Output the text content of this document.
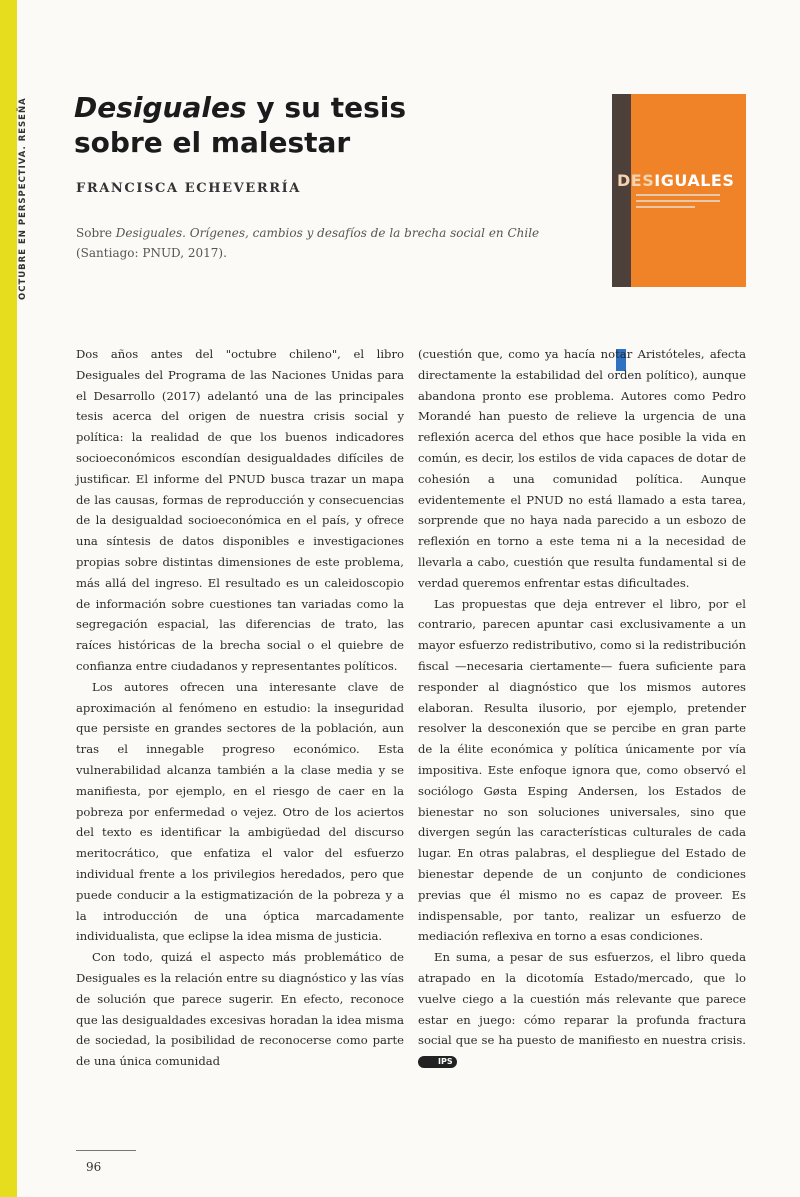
OCTUBRE EN PERSPECTIVA. RESEÑA Desiguales y su tesis sobre el malestar
FRANCISCA ECHEVERRÍA
Sobre Desiguales. Orígenes, cambios y desafíos de la brecha social en Chile (Santiago: PNUD, 2017).
DESIGUALES

Dos años antes del "octubre chileno", el libro Desiguales del Programa de las Naciones Unidas para el Desarrollo (2017) adelantó una de las principales tesis acerca del origen de nuestra crisis social y política: la realidad de que los buenos indicadores socioeconómicos escondían desigualdades difíciles de justificar. El informe del PNUD busca trazar un mapa de las causas, formas de reproducción y consecuencias de la desigualdad socioeconómica en el país, y ofrece una síntesis de datos disponibles e investigaciones propias sobre distintas dimensiones de este problema, más allá del ingreso. El resultado es un caleidoscopio de información sobre cuestiones tan variadas como la segregación espacial, las diferencias de trato, las raíces históricas de la brecha social o el quiebre de confianza entre ciudadanos y representantes políticos.

Los autores ofrecen una interesante clave de aproximación al fenómeno en estudio: la inseguridad que persiste en grandes sectores de la población, aun tras el innegable progreso económico. Esta vulnerabilidad alcanza también a la clase media y se manifiesta, por ejemplo, en el riesgo de caer en la pobreza por enfermedad o vejez. Otro de los aciertos del texto es identificar la ambigüedad del discurso meritocrático, que enfatiza el valor del esfuerzo individual frente a los privilegios heredados, pero que puede conducir a la estigmatización de la pobreza y a la introducción de una óptica marcadamente individualista, que eclipse la idea misma de justicia.

Con todo, quizá el aspecto más problemático de Desiguales es la relación entre su diagnóstico y las vías de solución que parece sugerir. En efecto, reconoce que las desigualdades excesivas horadan la idea misma de sociedad, la posibilidad de reconocerse como parte de una única comunidad

(cuestión que, como ya hacía notar Aristóteles, afecta directamente la estabilidad del orden político), aunque abandona pronto ese problema. Autores como Pedro Morandé han puesto de relieve la urgencia de una reflexión acerca del ethos que hace posible la vida en común, es decir, los estilos de vida capaces de dotar de cohesión a una comunidad política. Aunque evidentemente el PNUD no está llamado a esta tarea, sorprende que no haya nada parecido a un esbozo de reflexión en torno a este tema ni a la necesidad de llevarla a cabo, cuestión que resulta fundamental si de verdad queremos enfrentar estas dificultades.

Las propuestas que deja entrever el libro, por el contrario, parecen apuntar casi exclusivamente a un mayor esfuerzo redistributivo, como si la redistribución fiscal —necesaria ciertamente— fuera suficiente para responder al diagnóstico que los mismos autores elaboran. Resulta ilusorio, por ejemplo, pretender resolver la desconexión que se percibe en gran parte de la élite económica y política únicamente por vía impositiva. Este enfoque ignora que, como observó el sociólogo Gøsta Esping Andersen, los Estados de bienestar no son soluciones universales, sino que divergen según las características culturales de cada lugar. En otras palabras, el despliegue del Estado de bienestar depende de un conjunto de condiciones previas que él mismo no es capaz de proveer. Es indispensable, por tanto, realizar un esfuerzo de mediación reflexiva en torno a esas condiciones.

En suma, a pesar de sus esfuerzos, el libro queda atrapado en la dicotomía Estado/mercado, que lo vuelve ciego a la cuestión más relevante que parece estar en juego: cómo reparar la profunda fractura social que se ha puesto de manifiesto en nuestra crisis. IPS

96
